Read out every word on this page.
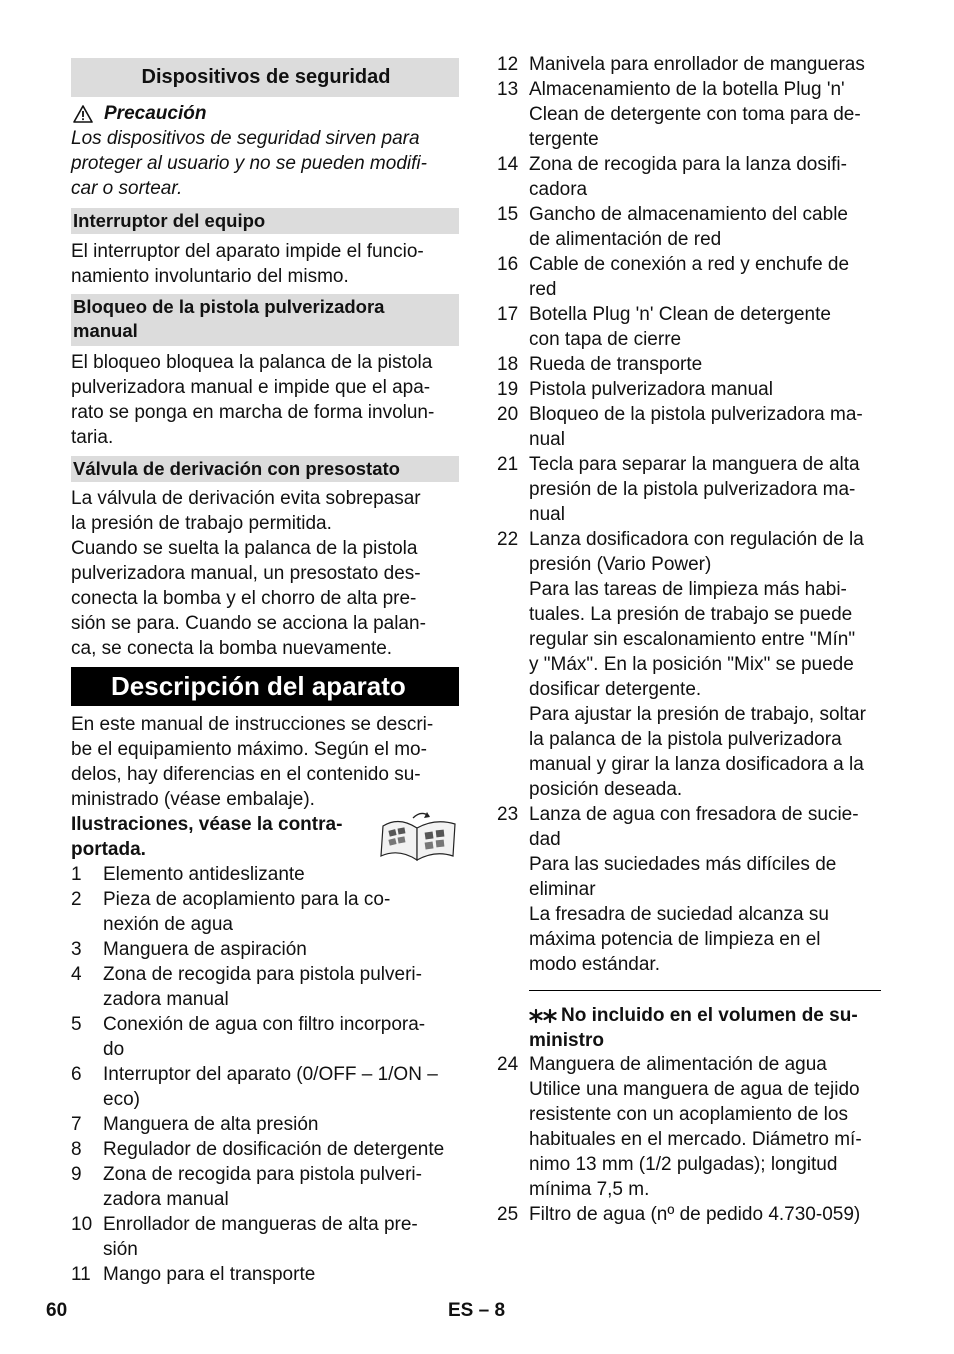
Dispositivos de seguridad
Precaución
Los dispositivos de seguridad sirven para
proteger al usuario y no se pueden modifi-
car o sortear.
Interruptor del equipo
El interruptor del aparato impide el funcio-
namiento involuntario del mismo.
Bloqueo de la pistola pulverizadora
manual
El bloqueo bloquea la palanca de la pistola
pulverizadora manual e impide que el apa-
rato se ponga en marcha de forma involun-
taria.
Válvula de derivación con presostato
La válvula de derivación evita sobrepasar
la presión de trabajo permitida.
Cuando se suelta la palanca de la pistola
pulverizadora manual, un presostato des-
conecta la bomba y el chorro de alta pre-
sión se para. Cuando se acciona la palan-
ca, se conecta la bomba nuevamente.
Descripción del aparato
En este manual de instrucciones se descri-
be el equipamiento máximo. Según el mo-
delos, hay diferencias en el contenido su-
ministrado (véase embalaje).
Ilustraciones, véase la contra-
portada.
1 Elemento antideslizante
2 Pieza de acoplamiento para la co-
nexión de agua
3 Manguera de aspiración
4 Zona de recogida para pistola pulveri-
zadora manual
5 Conexión de agua con filtro incorpora-
do
6 Interruptor del aparato (0/OFF – 1/ON –
eco)
7 Manguera de alta presión
8 Regulador de dosificación de detergente
9 Zona de recogida para pistola pulveri-
zadora manual
10 Enrollador de mangueras de alta pre-
sión
11 Mango para el transporte
12 Manivela para enrollador de mangueras
13 Almacenamiento de la botella Plug 'n'
Clean de detergente con toma para de-
tergente
14 Zona de recogida para la lanza dosifi-
cadora
15 Gancho de almacenamiento del cable
de alimentación de red
16 Cable de conexión a red y enchufe de
red
17 Botella Plug 'n' Clean de detergente
con tapa de cierre
18 Rueda de transporte
19 Pistola pulverizadora manual
20 Bloqueo de la pistola pulverizadora ma-
nual
21 Tecla para separar la manguera de alta
presión de la pistola pulverizadora ma-
nual
22 Lanza dosificadora con regulación de la
presión (Vario Power)
Para las tareas de limpieza más habi-
tuales. La presión de trabajo se puede
regular sin escalonamiento entre "Mín"
y "Máx". En la posición "Mix" se puede
dosificar detergente.
Para ajustar la presión de trabajo, soltar
la palanca de la pistola pulverizadora
manual y girar la lanza dosificadora a la
posición deseada.
23 Lanza de agua con fresadora de sucie-
dad
Para las suciedades más difíciles de
eliminar
La fresadra de suciedad alcanza su
máxima potencia de limpieza en el
modo estándar.
No incluido en el volumen de su-
ministro
24 Manguera de alimentación de agua
Utilice una manguera de agua de tejido
resistente con un acoplamiento de los
habituales en el mercado. Diámetro mí-
nimo 13 mm (1/2 pulgadas); longitud
mínima 7,5 m.
25 Filtro de agua (nº de pedido 4.730-059)
60	ES – 8
